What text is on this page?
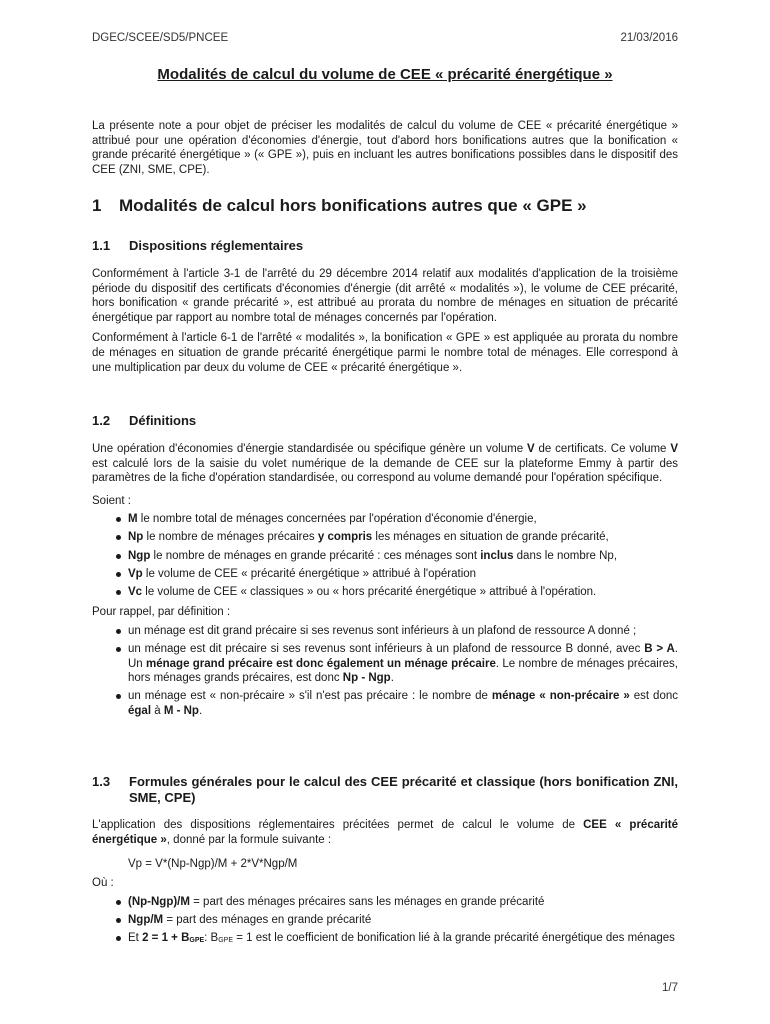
DGEC/SCEE/SD5/PNCEE	21/03/2016
Modalités de calcul du volume de CEE « précarité énergétique »

La présente note a pour objet de préciser les modalités de calcul du volume de CEE « précarité énergétique » attribué pour une opération d'économies d'énergie, tout d'abord hors bonifications autres que la bonification « grande précarité énergétique » (« GPE »), puis en incluant les autres bonifications possibles dans le dispositif des CEE (ZNI, SME, CPE).

1 Modalités de calcul hors bonifications autres que « GPE »
1.1 Dispositions réglementaires

Conformément à l'article 3-1 de l'arrêté du 29 décembre 2014 relatif aux modalités d'application de la troisième période du dispositif des certificats d'économies d'énergie (dit arrêté « modalités »), le volume de CEE précarité, hors bonification « grande précarité », est attribué au prorata du nombre de ménages en situation de précarité énergétique par rapport au nombre total de ménages concernés par l'opération.

Conformément à l'article 6-1 de l'arrêté « modalités », la bonification « GPE » est appliquée au prorata du nombre de ménages en situation de grande précarité énergétique parmi le nombre total de ménages. Elle correspond à une multiplication par deux du volume de CEE « précarité énergétique ».

1.2 Définitions

Une opération d'économies d'énergie standardisée ou spécifique génère un volume V de certificats. Ce volume V est calculé lors de la saisie du volet numérique de la demande de CEE sur la plateforme Emmy à partir des paramètres de la fiche d'opération standardisée, ou correspond au volume demandé pour l'opération spécifique.

Soient :

M le nombre total de ménages concernées par l'opération d'économie d'énergie,
Np le nombre de ménages précaires y compris les ménages en situation de grande précarité,
Ngp le nombre de ménages en grande précarité : ces ménages sont inclus dans le nombre Np,
Vp le volume de CEE « précarité énergétique » attribué à l'opération
Vc le volume de CEE « classiques » ou « hors précarité énergétique » attribué à l'opération.

Pour rappel, par définition :

un ménage est dit grand précaire si ses revenus sont inférieurs à un plafond de ressource A donné ;
un ménage est dit précaire si ses revenus sont inférieurs à un plafond de ressource B donné, avec B > A. Un ménage grand précaire est donc également un ménage précaire. Le nombre de ménages précaires, hors ménages grands précaires, est donc Np - Ngp.
un ménage est « non-précaire » s'il n'est pas précaire : le nombre de ménage « non-précaire » est donc égal à M - Np.
1.3 Formules générales pour le calcul des CEE précarité et classique (hors bonification ZNI, SME, CPE)

L'application des dispositions réglementaires précitées permet de calcul le volume de CEE « précarité énergétique », donné par la formule suivante :

Vp = V*(Np-Ngp)/M + 2*V*Ngp/M

Où :

(Np-Ngp)/M = part des ménages précaires sans les ménages en grande précarité
Ngp/M = part des ménages en grande précarité
Et $2 = 1 + B_{GPE}$: $B_{GPE} = 1$ est le coefficient de bonification lié à la grande précarité énergétique des ménages
1/7
